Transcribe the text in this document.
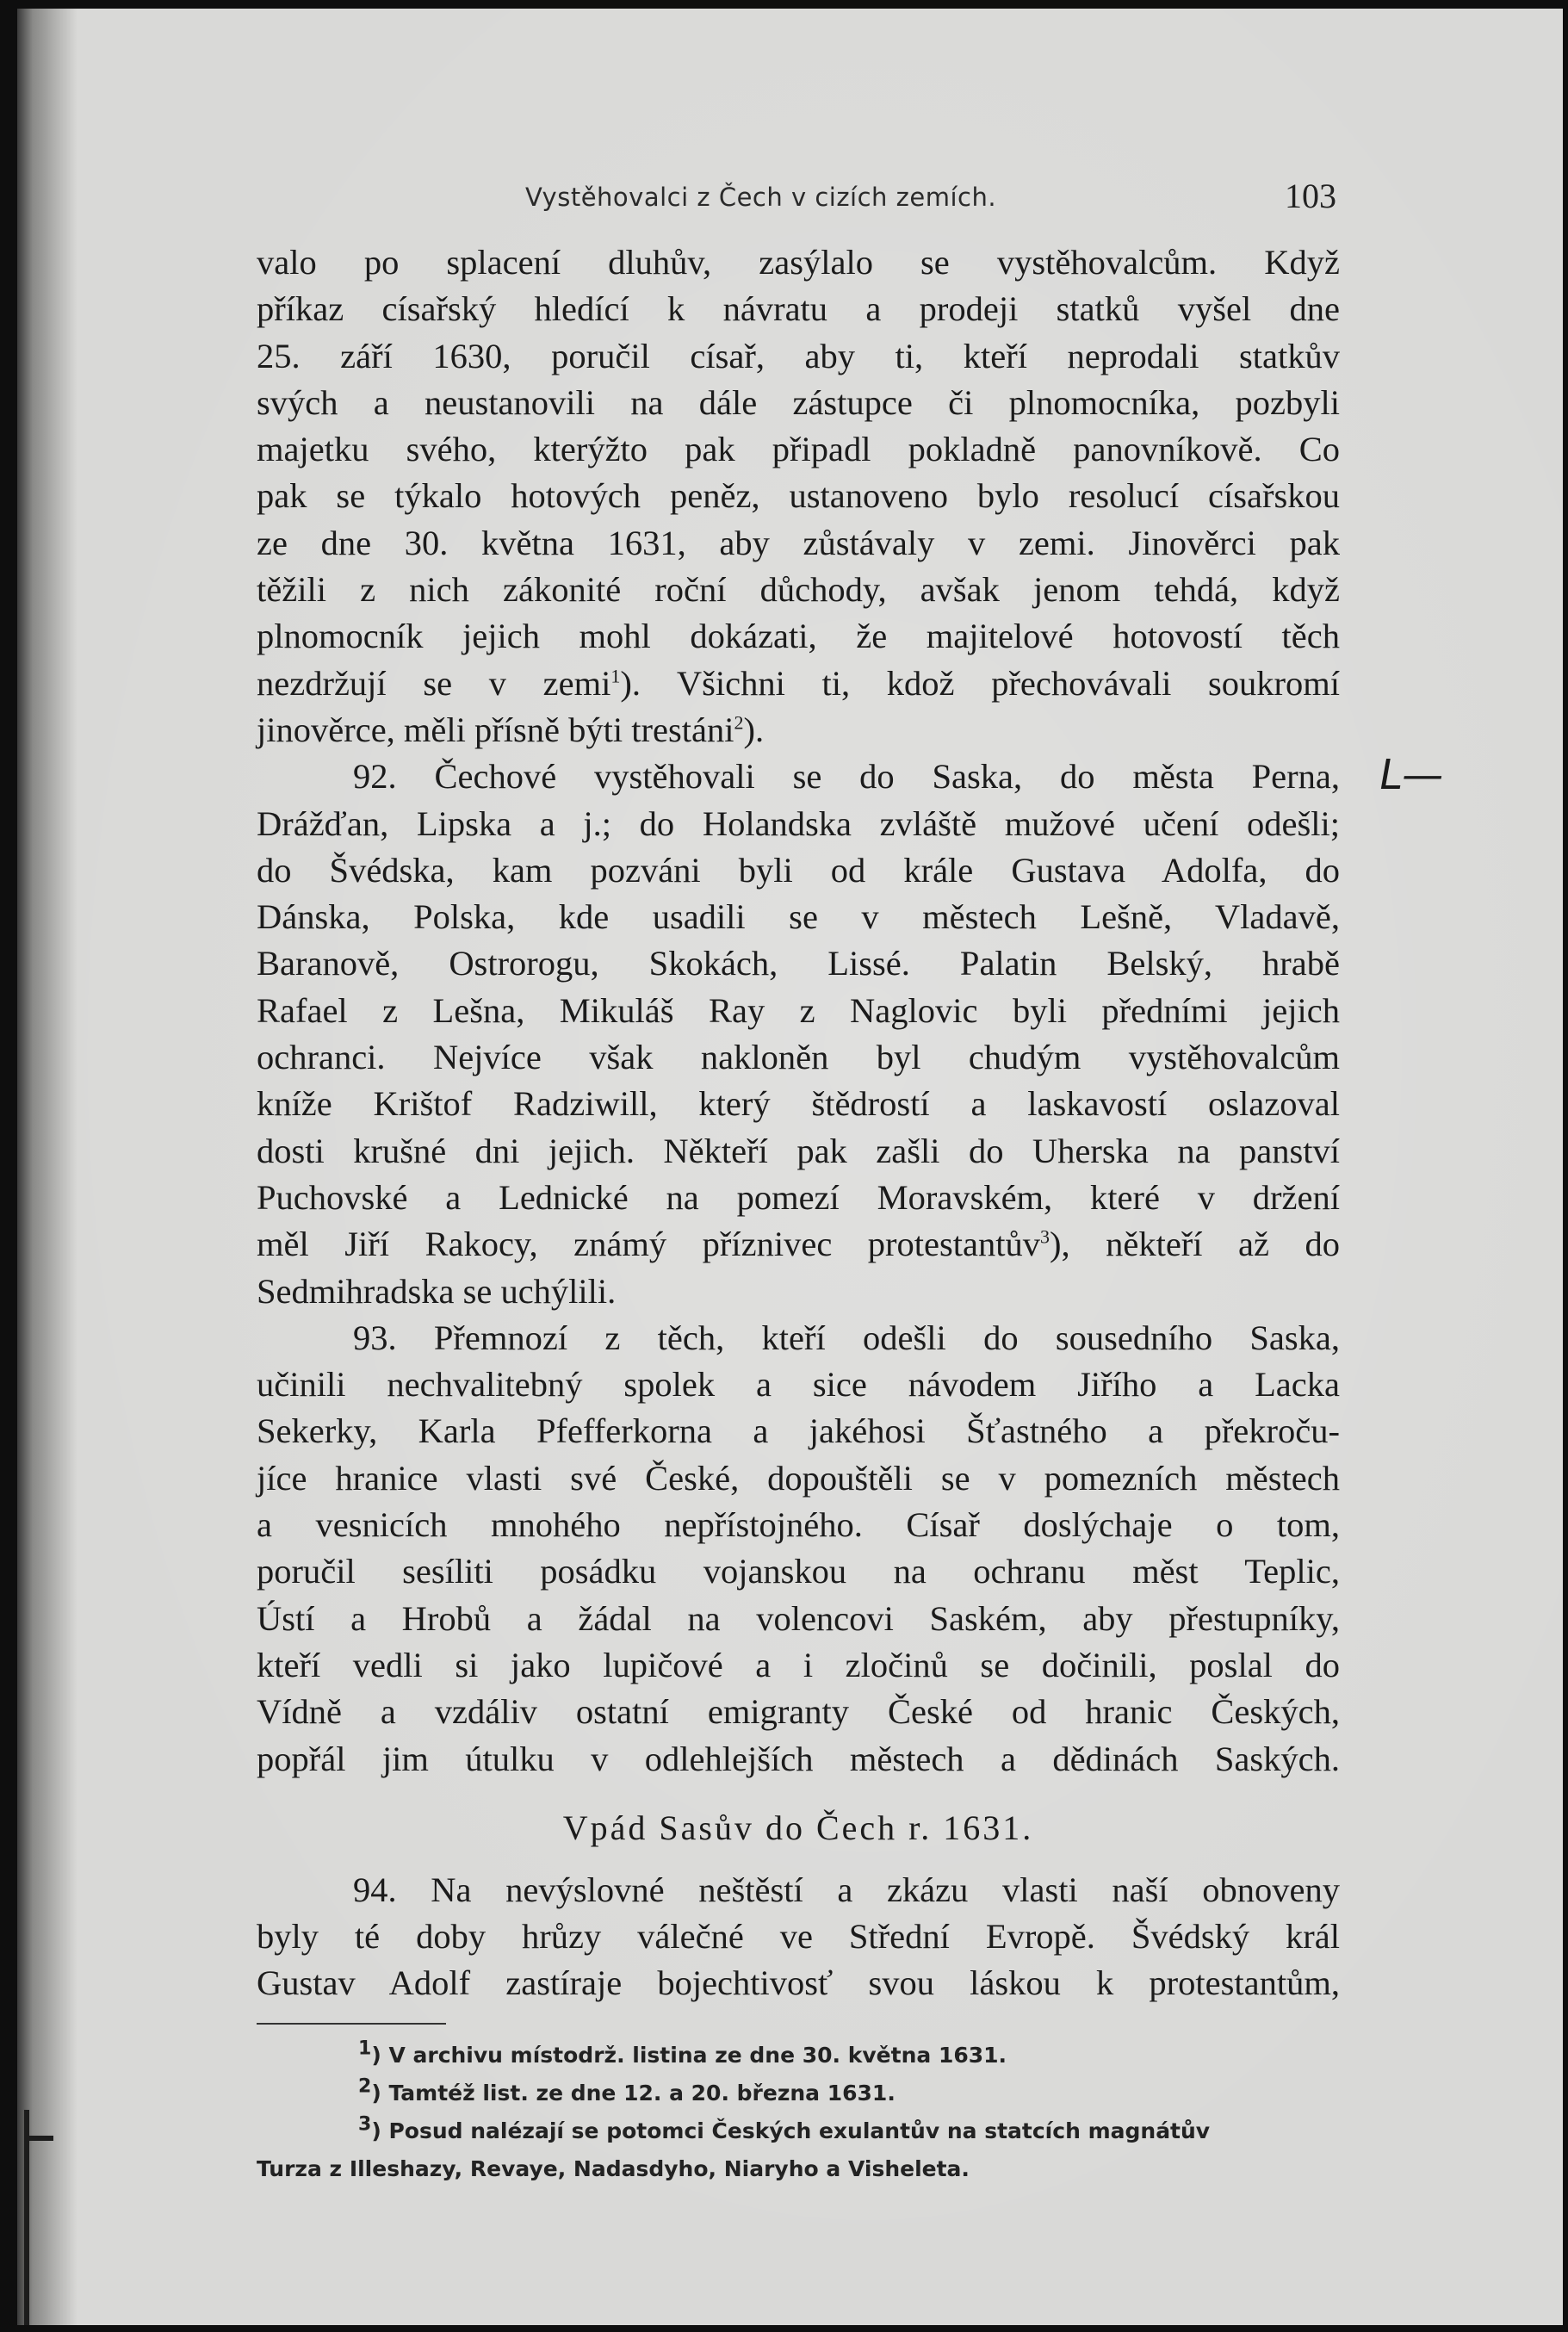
L—
Vystěhovalci z Čech v cizích zemích.	103

valo po splacení dluhův, zasýlalo se vystěhovalcům. Když

příkaz císařský hledící k návratu a prodeji statků vyšel dne

25. září 1630, poručil císař, aby ti, kteří neprodali statkův

svých a neustanovili na dále zástupce či plnomocníka, pozbyli

majetku svého, kterýžto pak připadl pokladně panovníkově. Co

pak se týkalo hotových peněz, ustanoveno bylo resolucí císařskou

ze dne 30. května 1631, aby zůstávaly v zemi. Jinověrci pak

těžili z nich zákonité roční důchody, avšak jenom tehdá, když

plnomocník jejich mohl dokázati, že majitelové hotovostí těch

nezdržují se v zemi$^1$). Všichni ti, kdož přechovávali soukromí

jinověrce, měli přísně býti trestáni$^2$).

92. Čechové vystěhovali se do Saska, do města Perna,

Drážďan, Lipska a j.; do Holandska zvláště mužové učení odešli;

do Švédska, kam pozváni byli od krále Gustava Adolfa, do

Dánska, Polska, kde usadili se v městech Lešně, Vladavě,

Baranově, Ostrorogu, Skokách, Lissé. Palatin Belský, hrabě

Rafael z Lešna, Mikuláš Ray z Naglovic byli předními jejich

ochranci. Nejvíce však nakloněn byl chudým vystěhovalcům

kníže Krištof Radziwill, který štědrostí a laskavostí oslazoval

dosti krušné dni jejich. Někteří pak zašli do Uherska na panství

Puchovské a Lednické na pomezí Moravském, které v držení

měl Jiří Rakocy, známý příznivec protestantův$^3$), někteří až do

Sedmihradska se uchýlili.

93. Přemnozí z těch, kteří odešli do sousedního Saska,

učinili nechvalitebný spolek a sice návodem Jiřího a Lacka

Sekerky, Karla Pfefferkorna a jakéhosi Šťastného a překroču-

jíce hranice vlasti své České, dopouštěli se v pomezních městech

a vesnicích mnohého nepřístojného. Císař doslýchaje o tom,

poručil sesíliti posádku vojanskou na ochranu měst Teplic,

Ústí a Hrobů a žádal na volencovi Saském, aby přestupníky,

kteří vedli si jako lupičové a i zločinů se dočinili, poslal do

Vídně a vzdáliv ostatní emigranty České od hranic Českých,

popřál jim útulku v odlehlejších městech a dědinách Saských.

Vpád Sasův do Čech r. 1631.

94. Na nevýslovné neštěstí a zkázu vlasti naší obnoveny

byly té doby hrůzy válečné ve Střední Evropě. Švédský král

Gustav Adolf zastíraje bojechtivosť svou láskou k protestantům,

$^1$) V archivu místodrž. listina ze dne 30. května 1631.
$^2$) Tamtéž list. ze dne 12. a 20. března 1631.
$^3$) Posud nalézají se potomci Českých exulantův na statcích magnátův
Turza z Illeshazy, Revaye, Nadasdyho, Niaryho a Visheleta.
